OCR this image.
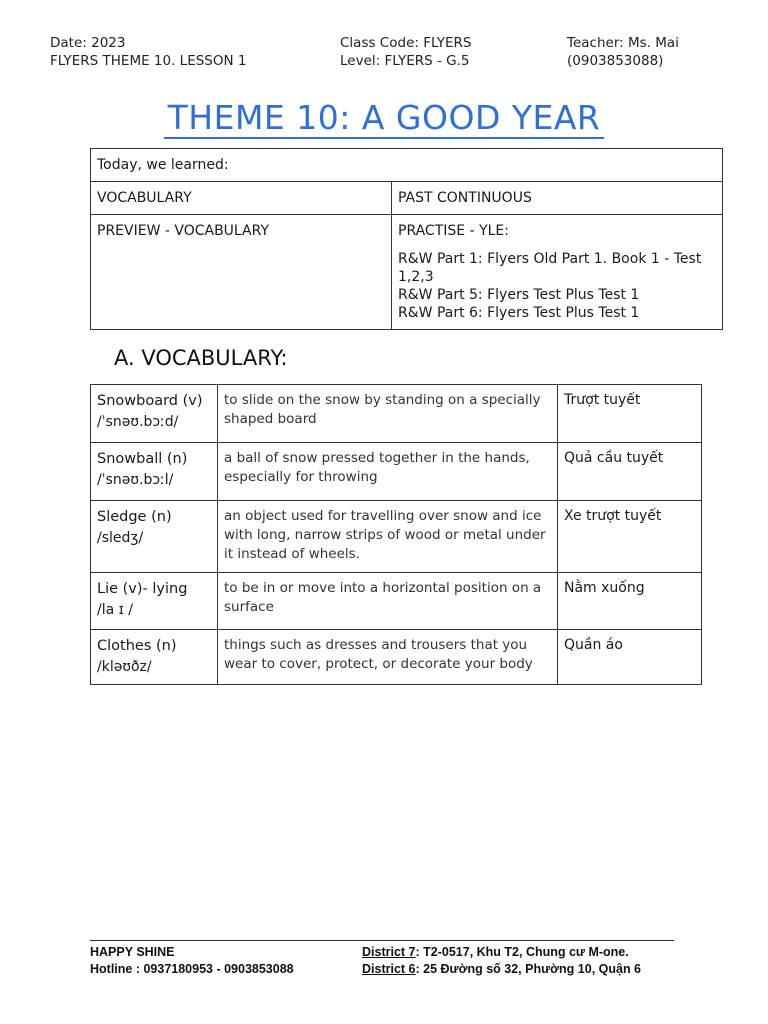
Date: 2023
FLYERS THEME 10. LESSON 1
Class Code: FLYERS
Level: FLYERS - G.5
Teacher: Ms. Mai
(0903853088)
THEME 10: A GOOD YEAR
Today, we learned:	
VOCABULARY	PAST CONTINUOUS
PREVIEW - VOCABULARY	PRACTISE - YLE:
R&W Part 1: Flyers Old Part 1. Book 1 - Test 1,2,3
R&W Part 5: Flyers Test Plus Test 1
R&W Part 6: Flyers Test Plus Test 1
A. VOCABULARY:
Snowboard (v)
/ˈsnəʊ.bɔːd/	to slide on the snow by standing on a specially shaped board	Trượt tuyết

Snowball (n)
/ˈsnəʊ.bɔːl/	a ball of snow pressed together in the hands, especially for throwing	Quả cầu tuyết

Sledge (n)
/sledʒ/	an object used for travelling over snow and ice with long, narrow strips of wood or metal under it instead of wheels.	Xe trượt tuyết

Lie (v)- lying
/la ɪ /	to be in or move into a horizontal position on a surface	Nằm xuống

Clothes (n)
/kləʊðz/	things such as dresses and trousers that you wear to cover, protect, or decorate your body	Quần áo
HAPPY SHINE
Hotline : 0937180953 - 0903853088
District 7: T2-0517, Khu T2, Chung cư M-one.
District 6: 25 Đường số 32, Phường 10, Quận 6
